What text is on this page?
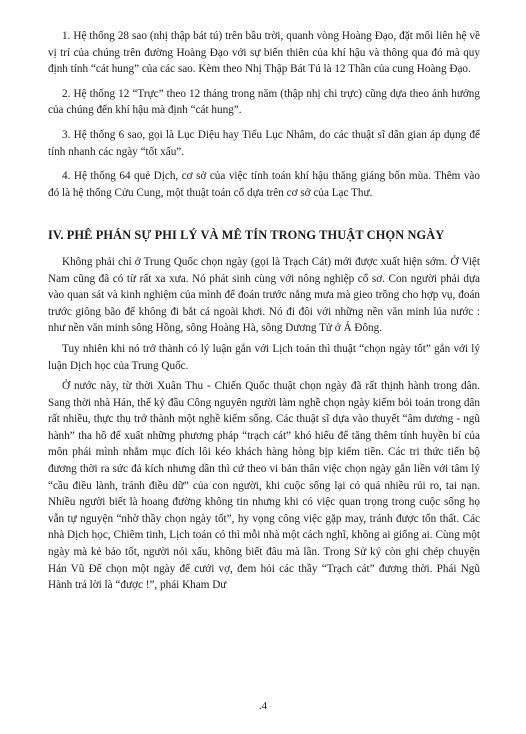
1. Hệ thống 28 sao (nhị thập bát tú) trên bầu trời, quanh vòng Hoàng Đạo, đặt mối liên hệ về vị trí của chúng trên đường Hoàng Đạo với sự biến thiên của khí hậu và thông qua đó mà quy định tính “cát hung” của các sao. Kèm theo Nhị Thập Bát Tú là 12 Thần của cung Hoàng Đạo.

2. Hệ thống 12 “Trực” theo 12 tháng trong năm (thập nhị chi trực) cũng dựa theo ảnh hưởng của chúng đến khí hậu mà định “cát hung”.

3. Hệ thống 6 sao, gọi là Lục Diệu hay Tiểu Lục Nhâm, do các thuật sĩ dân gian áp dụng để tính nhanh các ngày “tốt xấu”.

4. Hệ thống 64 quẻ Dịch, cơ sở của việc tính toán khí hậu thăng giáng bốn mùa. Thêm vào đó là hệ thống Cửu Cung, một thuật toán cổ dựa trên cơ sở của Lạc Thư.

IV. PHÊ PHÁN SỰ PHI LÝ VÀ MÊ TÍN TRONG THUẬT CHỌN NGÀY

Không phải chỉ ở Trung Quốc chọn ngày (gọi là Trạch Cát) mới được xuất hiện sớm. Ở Việt Nam cũng đã có từ rất xa xưa. Nó phát sinh cùng với nông nghiệp cổ sơ. Con người phải dựa vào quan sát và kinh nghiệm của mình để đoán trước nắng mưa mà gieo trồng cho hợp vụ, đoán trước giông bão để không đi bắt cá ngoài khơi. Nó đi đôi với những nền văn minh lúa nước : như nền văn minh sông Hồng, sông Hoàng Hà, sông Dương Tử ở Á Đông.

Tuy nhiên khi nó trở thành có lý luận gắn với Lịch toán thì thuật “chọn ngày tốt” gắn với lý luận Dịch học của Trung Quốc.

Ở nước này, từ thời Xuân Thu - Chiến Quốc thuật chọn ngày đã rất thịnh hành trong dân. Sang thời nhà Hán, thế kỷ đầu Công nguyên người làm nghề chọn ngày kiếm bói toán trong dân rất nhiều, thực thụ trở thành một nghề kiếm sống. Các thuật sĩ dựa vào thuyết “âm dương - ngũ hành” tha hồ để xuất những phương pháp “trạch cát” khó hiểu để tăng thêm tính huyền bí của môn phái mình nhằm mục đích lôi kéo khách hàng hòng bịp kiếm tiền. Các tri thức tiến bộ đương thời ra sức đả kích nhưng dần thì cứ theo vi bản thân việc chọn ngày gắn liền với tâm lý “cầu điều lành, tránh điều dữ” của con người, khi cuộc sống lại có quá nhiều rủi ro, tai nạn. Nhiều người biết là hoang đường không tin nhưng khi có việc quan trọng trong cuộc sống họ vẫn tự nguyện “nhờ thầy chọn ngày tốt”, hy vọng công việc gặp may, tránh được tổn thất. Các nhà Dịch học, Chiêm tinh, Lịch toán có thì mỗi nhà một cách nghĩ, không ai giống ai. Cùng một ngày mà kẻ bảo tốt, người nói xấu, không biết đâu mà lần. Trong Sử ký còn ghi chép chuyện Hán Vũ Đế chọn một ngày để cưới vợ, đem hỏi các thầy “Trạch cát” đương thời. Phái Ngũ Hành trả lời là “được !”, phái Kham Dư

.4
